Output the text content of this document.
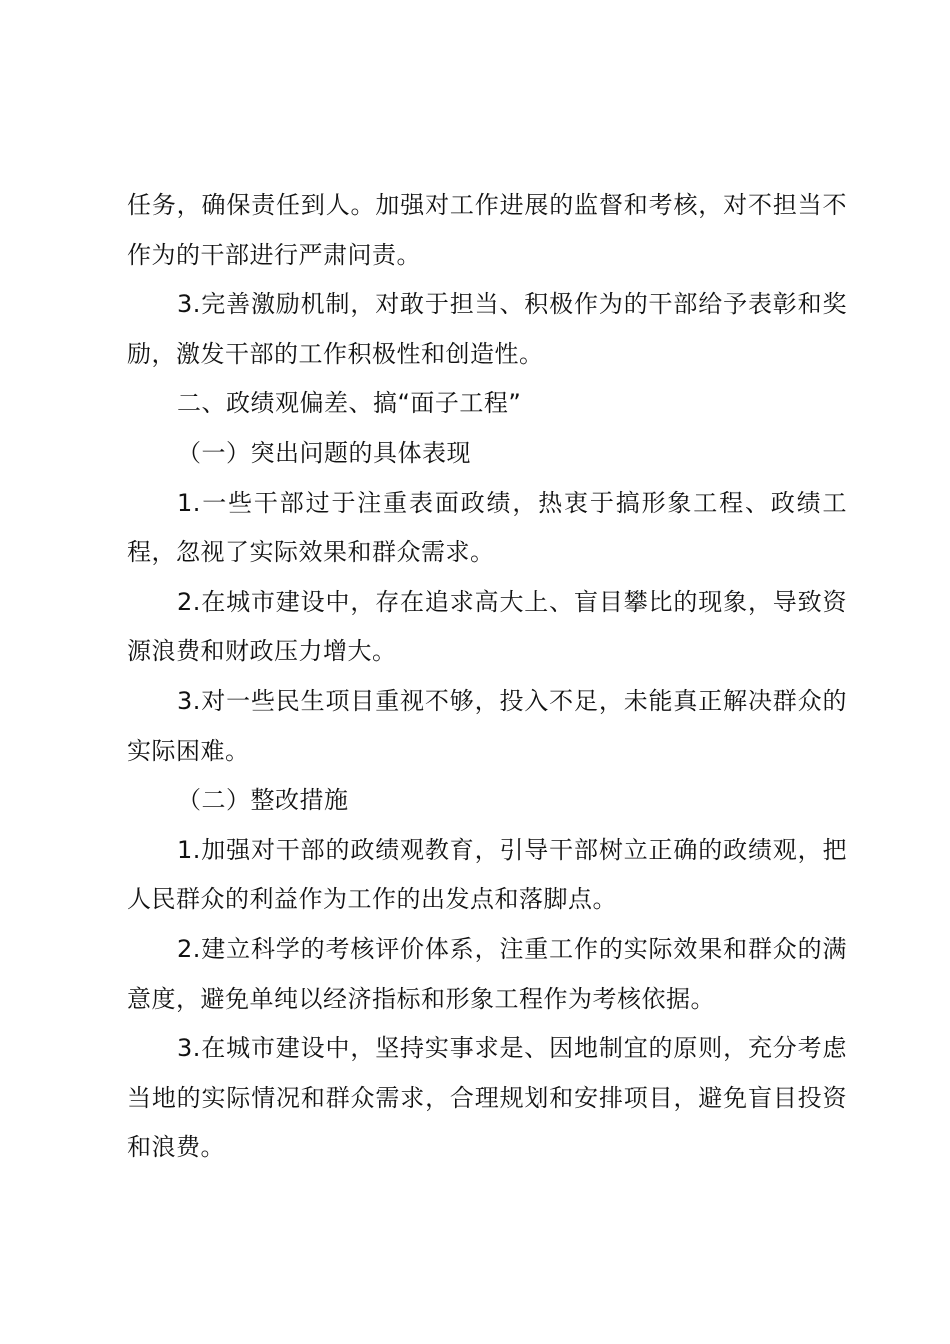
任务，确保责任到人。加强对工作进展的监督和考核，对不担当不作为的干部进行严肃问责。

3.完善激励机制，对敢于担当、积极作为的干部给予表彰和奖励，激发干部的工作积极性和创造性。

二、政绩观偏差、搞“面子工程”

（一）突出问题的具体表现

1.一些干部过于注重表面政绩，热衷于搞形象工程、政绩工程，忽视了实际效果和群众需求。

2.在城市建设中，存在追求高大上、盲目攀比的现象，导致资源浪费和财政压力增大。

3.对一些民生项目重视不够，投入不足，未能真正解决群众的实际困难。

（二）整改措施

1.加强对干部的政绩观教育，引导干部树立正确的政绩观，把人民群众的利益作为工作的出发点和落脚点。

2.建立科学的考核评价体系，注重工作的实际效果和群众的满意度，避免单纯以经济指标和形象工程作为考核依据。

3.在城市建设中，坚持实事求是、因地制宜的原则，充分考虑当地的实际情况和群众需求，合理规划和安排项目，避免盲目投资和浪费。
